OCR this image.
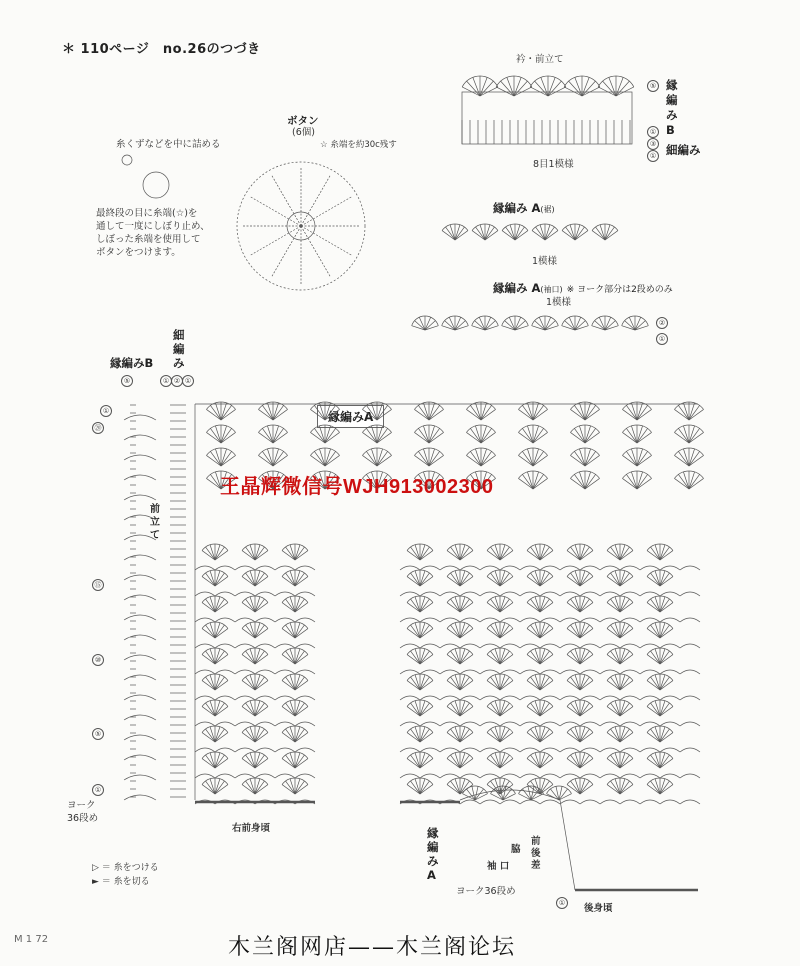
＊ 110ページ　no.26のつづき
糸くずなどを中に詰める
ボタン
(6個)
☆ 糸端を約30c残す
最終段の目に糸端(☆)を
通して一度にしぼり止め、
しぼった糸端を使用して
ボタンをつけます。
衿・前立て
8目1模様
縁
編
み
B
細編み
⑤
①
③
①
縁編み A(裾)
1模様
縁編み A(袖口) ※ ヨーク部分は2段めのみ
1模様
②
①
細
編
み
縁編みB
⑤	① ② ①
縁編みA
前
立
て
①
⑳
⑮
⑩
⑤
①
ヨーク
36段め
右前身頃
後身頃
縁
編
み
A
脇
前
後
差
袖 口
ヨーク36段め
①
▷ ＝ 糸をつける
► ＝ 糸を切る
王晶辉微信号WJH913002300
木兰阁网店——木兰阁论坛
M 1 72
